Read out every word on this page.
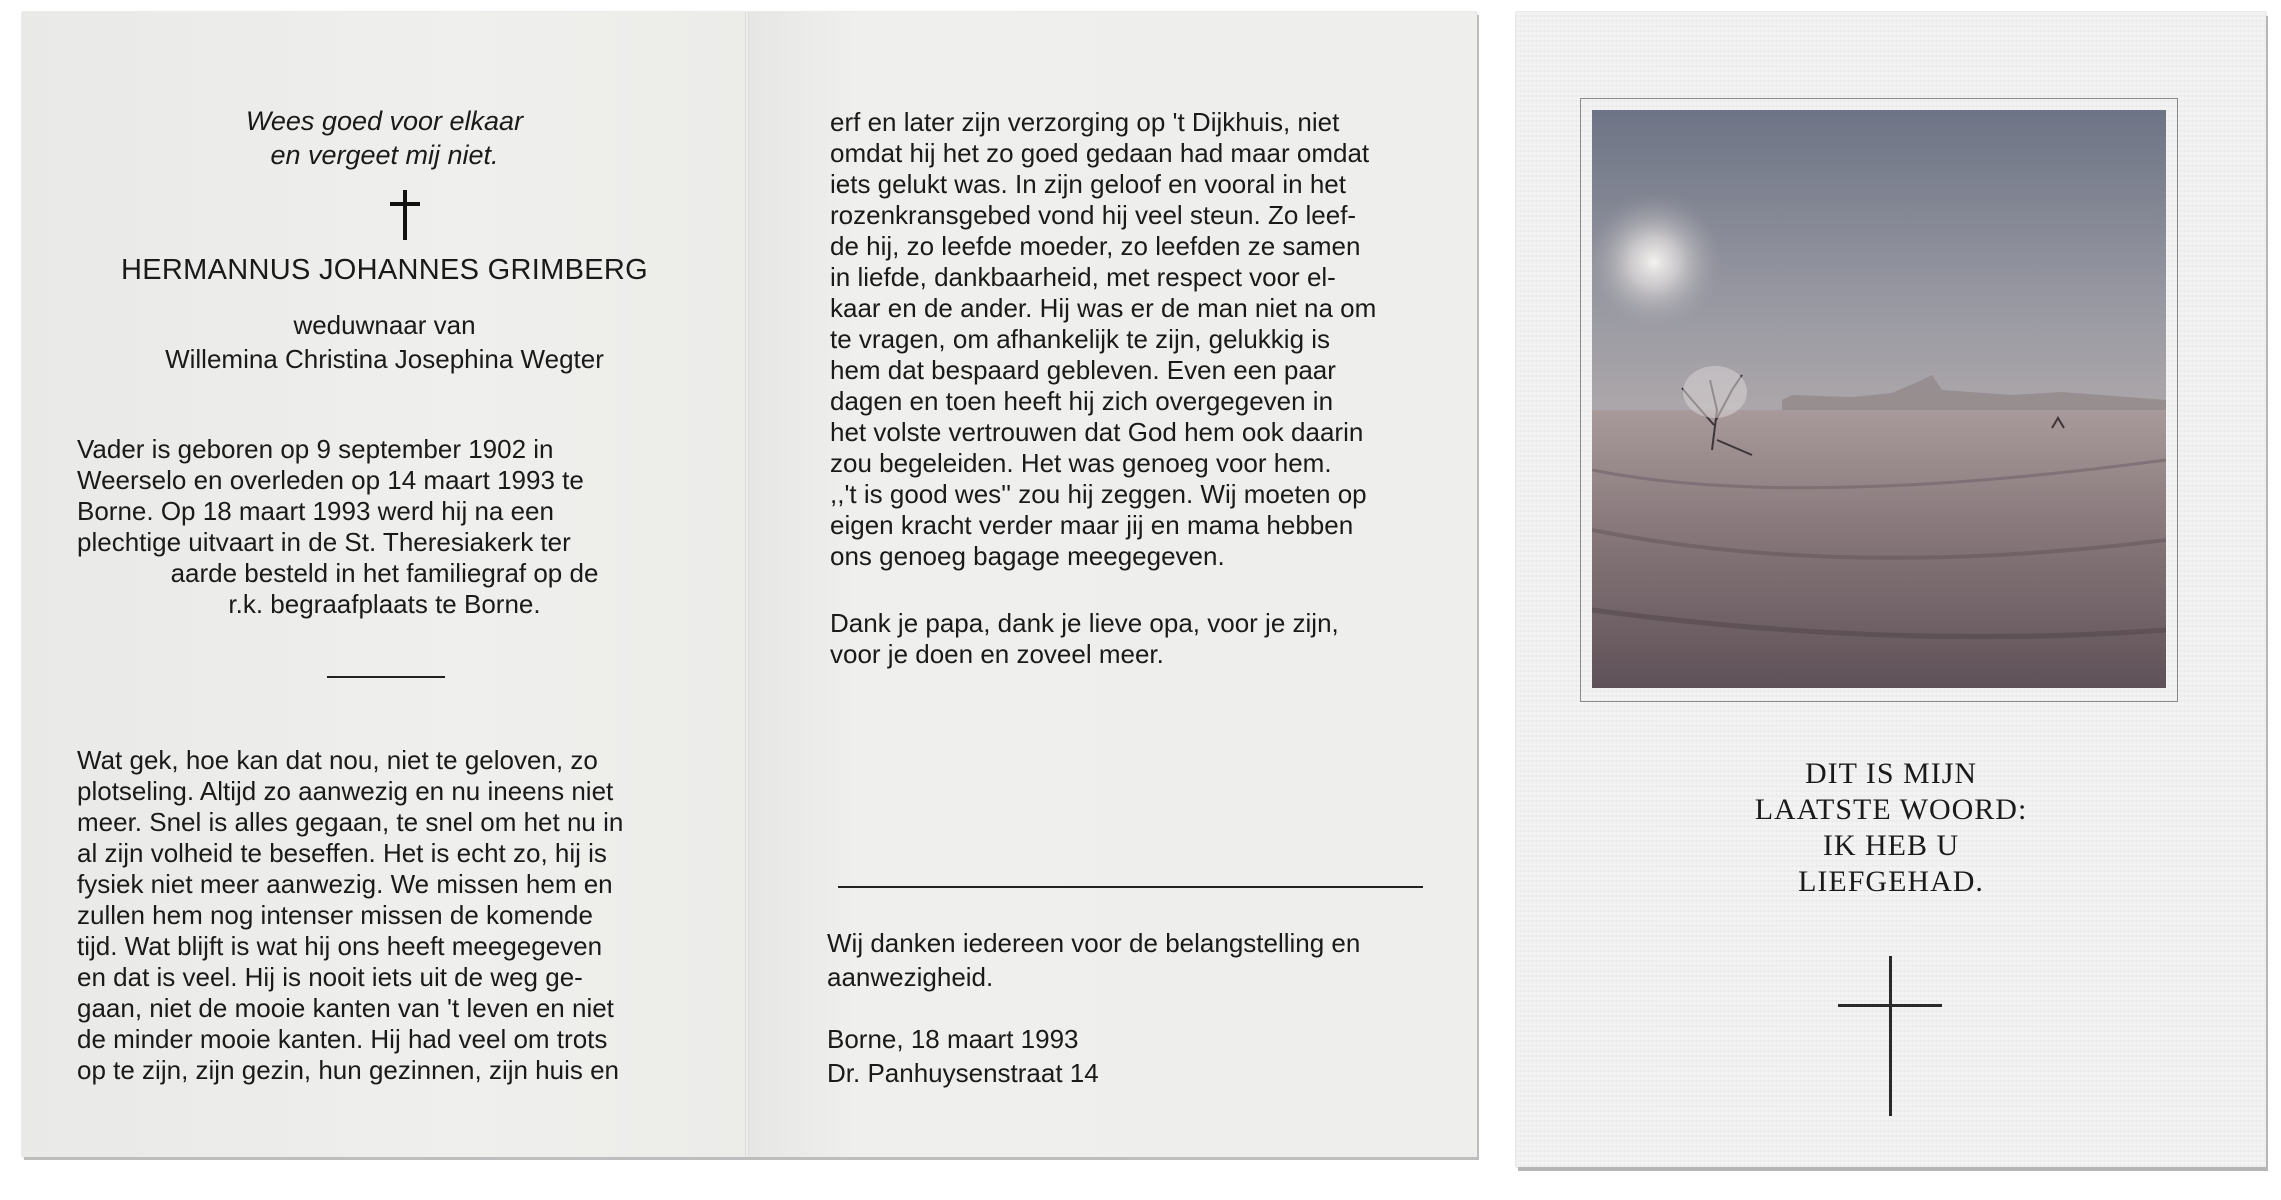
Wees goed voor elkaar
en vergeet mij niet.
HERMANNUS JOHANNES GRIMBERG
weduwnaar van
Willemina Christina Josephina Wegter
Vader is geboren op 9 september 1902 in
Weerselo en overleden op 14 maart 1993 te
Borne. Op 18 maart 1993 werd hij na een
plechtige uitvaart in de St. Theresiakerk ter
aarde besteld in het familiegraf op de
r.k. begraafplaats te Borne.
Wat gek, hoe kan dat nou, niet te geloven, zo
plotseling. Altijd zo aanwezig en nu ineens niet
meer. Snel is alles gegaan, te snel om het nu in
al zijn volheid te beseffen. Het is echt zo, hij is
fysiek niet meer aanwezig. We missen hem en
zullen hem nog intenser missen de komende
tijd. Wat blijft is wat hij ons heeft meegegeven
en dat is veel. Hij is nooit iets uit de weg ge-
gaan, niet de mooie kanten van 't leven en niet
de minder mooie kanten. Hij had veel om trots
op te zijn, zijn gezin, hun gezinnen, zijn huis en
erf en later zijn verzorging op 't Dijkhuis, niet
omdat hij het zo goed gedaan had maar omdat
iets gelukt was. In zijn geloof en vooral in het
rozenkransgebed vond hij veel steun. Zo leef-
de hij, zo leefde moeder, zo leefden ze samen
in liefde, dankbaarheid, met respect voor el-
kaar en de ander. Hij was er de man niet na om
te vragen, om afhankelijk te zijn, gelukkig is
hem dat bespaard gebleven. Even een paar
dagen en toen heeft hij zich overgegeven in
het volste vertrouwen dat God hem ook daarin
zou begeleiden. Het was genoeg voor hem.
,,'t is good wes'' zou hij zeggen. Wij moeten op
eigen kracht verder maar jij en mama hebben
ons genoeg bagage meegegeven.
Dank je papa, dank je lieve opa, voor je zijn,
voor je doen en zoveel meer.
Wij danken iedereen voor de belangstelling en
aanwezigheid.
Borne, 18 maart 1993
Dr. Panhuysenstraat 14
DIT IS MIJN
LAATSTE WOORD:
IK HEB U
LIEFGEHAD.
